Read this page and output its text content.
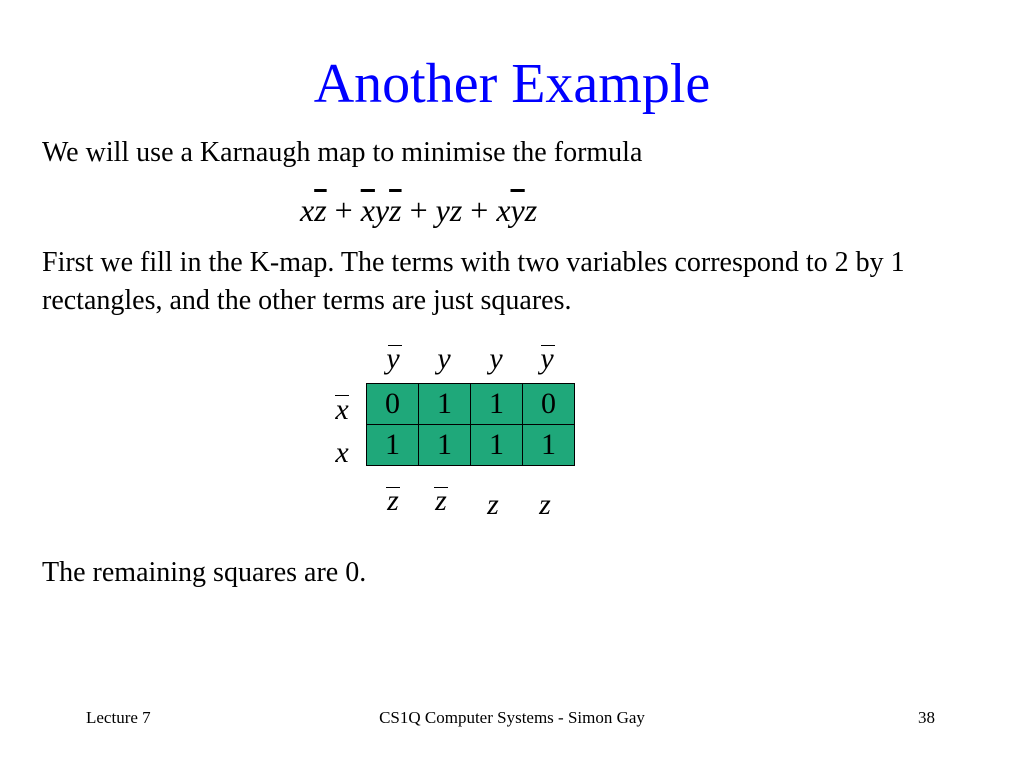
Another Example
We will use a Karnaugh map to minimise the formula
$x\overline{z} + \overline{x}y\overline{z}$ + yz + $x\overline{y}z$
First we fill in the K-map. The terms with two variables correspond to 2 by 1 rectangles, and the other terms are just squares.
y	y	y	y
x
x
0	1	1	0
1	1	1	1
z	z	z	z
The remaining squares are 0.
Lecture 7	CS1Q Computer Systems - Simon Gay	38
